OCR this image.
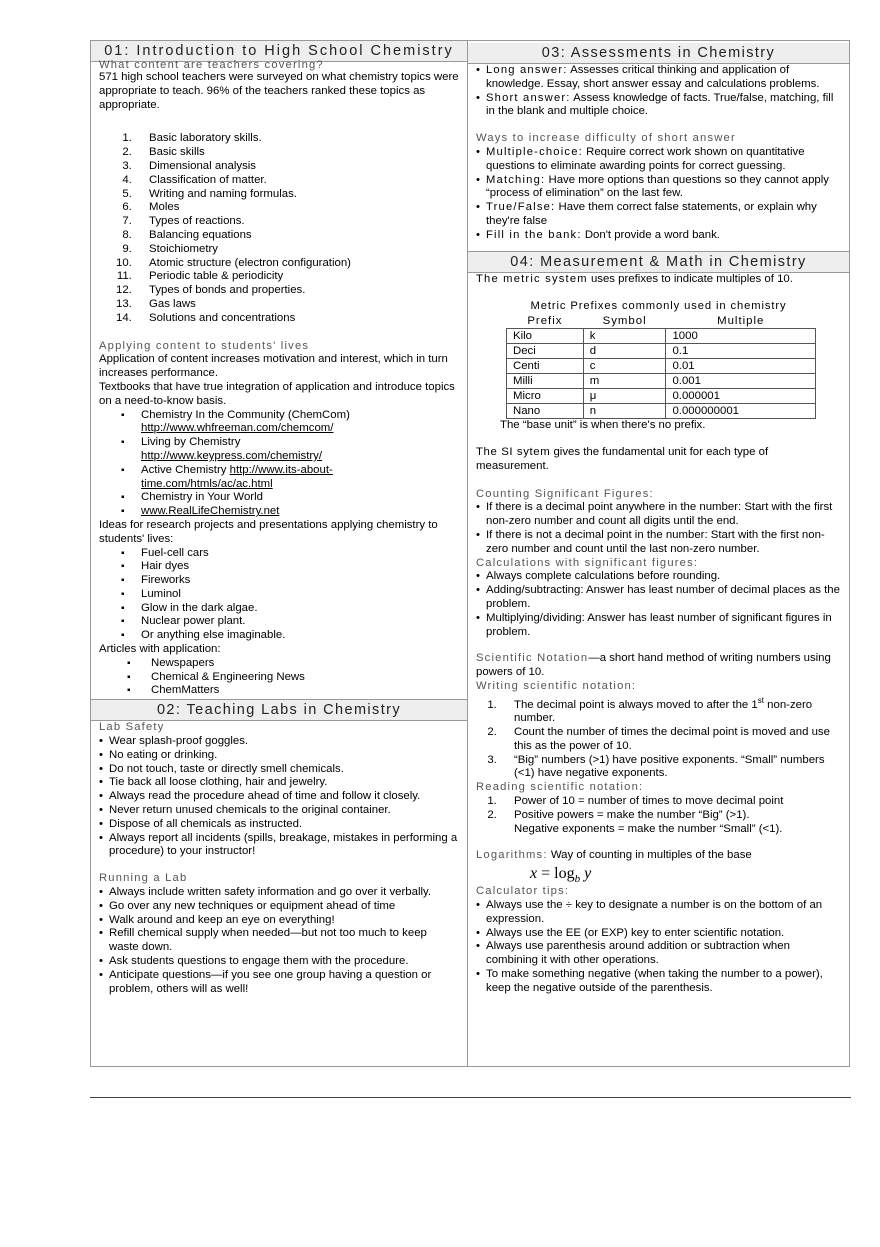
01: Introduction to High School Chemistry

What content are teachers covering?

571 high school teachers were surveyed on what chemistry topics were appropriate to teach. 96% of the teachers ranked these topics as appropriate.

1. Basic laboratory skills.
2. Basic skills
3. Dimensional analysis
4. Classification of matter.
5. Writing and naming formulas.
6. Moles
7. Types of reactions.
8. Balancing equations
9. Stoichiometry
10. Atomic structure (electron configuration)
11. Periodic table & periodicity
12. Types of bonds and properties.
13. Gas laws
14. Solutions and concentrations

Applying content to students' lives

Application of content increases motivation and interest, which in turn increases performance.

Textbooks that have true integration of application and introduce topics on a need-to-know basis.

▪ Chemistry In the Community (ChemCom)
http://www.whfreeman.com/chemcom/
▪ Living by Chemistry
http://www.keypress.com/chemistry/
▪ Active Chemistry http://www.its-about-time.com/htmls/ac/ac.html
▪ Chemistry in Your World
▪ www.RealLifeChemistry.net

Ideas for research projects and presentations applying chemistry to students' lives:

▪ Fuel-cell cars
▪ Hair dyes
▪ Fireworks
▪ Luminol
▪ Glow in the dark algae.
▪ Nuclear power plant.
▪ Or anything else imaginable.

Articles with application:

▪ Newspapers
▪ Chemical & Engineering News
▪ ChemMatters
02: Teaching Labs in Chemistry

Lab Safety

• Wear splash-proof goggles.
• No eating or drinking.
• Do not touch, taste or directly smell chemicals.
• Tie back all loose clothing, hair and jewelry.
• Always read the procedure ahead of time and follow it closely.
• Never return unused chemicals to the original container.
• Dispose of all chemicals as instructed.
• Always report all incidents (spills, breakage, mistakes in performing a procedure) to your instructor!

Running a Lab

• Always include written safety information and go over it verbally.
• Go over any new techniques or equipment ahead of time
• Walk around and keep an eye on everything!
• Refill chemical supply when needed—but not too much to keep waste down.
• Ask students questions to engage them with the procedure.
• Anticipate questions—if you see one group having a question or problem, others will as well!
03: Assessments in Chemistry
• Long answer: Assesses critical thinking and application of knowledge. Essay, short answer essay and calculations problems.
• Short answer: Assess knowledge of facts. True/false, matching, fill in the blank and multiple choice.

Ways to increase difficulty of short answer

• Multiple-choice: Require correct work shown on quantitative questions to eliminate awarding points for correct guessing.
• Matching: Have more options than questions so they cannot apply “process of elimination” on the last few.
• True/False: Have them correct false statements, or explain why they're false
• Fill in the bank: Don't provide a word bank.
04: Measurement & Math in Chemistry

The metric system uses prefixes to indicate multiples of 10.

Metric Prefixes commonly used in chemistry
Prefix	Symbol	Multiple
Kilo	k	1000
Deci	d	0.1
Centi	c	0.01
Milli	m	0.001
Micro	μ	0.000001
Nano	n	0.000000001

The “base unit” is when there's no prefix.

The SI sytem gives the fundamental unit for each type of measurement.

Counting Significant Figures:

• If there is a decimal point anywhere in the number: Start with the first non-zero number and count all digits until the end.
• If there is not a decimal point in the number: Start with the first non-zero number and count until the last non-zero number.

Calculations with significant figures:

• Always complete calculations before rounding.
• Adding/subtracting: Answer has least number of decimal places as the problem.
• Multiplying/dividing: Answer has least number of significant figures in problem.

Scientific Notation—a short hand method of writing numbers using powers of 10.

Writing scientific notation:

1. The decimal point is always moved to after the 1st non-zero number.
2. Count the number of times the decimal point is moved and use this as the power of 10.
3. “Big” numbers (>1) have positive exponents. “Small” numbers (<1) have negative exponents.

Reading scientific notation:

1. Power of 10 = number of times to move decimal point
2. Positive powers = make the number “Big” (>1).
Negative exponents = make the number “Small” (<1).

Logarithms: Way of counting in multiples of the base

$x = \log_b y$

Calculator tips:

• Always use the ÷ key to designate a number is on the bottom of an expression.
• Always use the EE (or EXP) key to enter scientific notation.
• Always use parenthesis around addition or subtraction when combining it with other operations.
• To make something negative (when taking the number to a power), keep the negative outside of the parenthesis.
